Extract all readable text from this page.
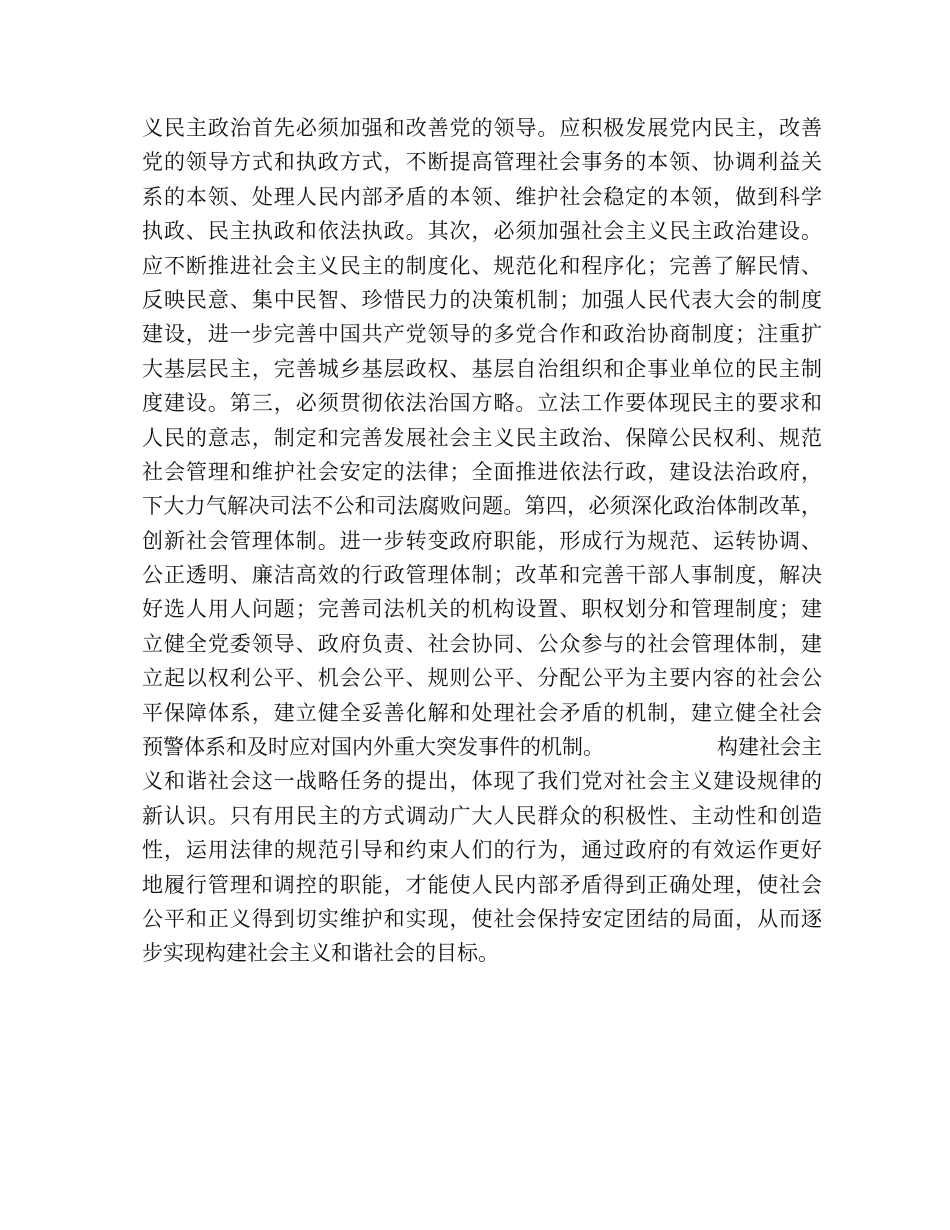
义民主政治首先必须加强和改善党的领导。应积极发展党内民主，改善
党的领导方式和执政方式，不断提高管理社会事务的本领、协调利益关
系的本领、处理人民内部矛盾的本领、维护社会稳定的本领，做到科学
执政、民主执政和依法执政。其次，必须加强社会主义民主政治建设。
应不断推进社会主义民主的制度化、规范化和程序化；完善了解民情、
反映民意、集中民智、珍惜民力的决策机制；加强人民代表大会的制度
建设，进一步完善中国共产党领导的多党合作和政治协商制度；注重扩
大基层民主，完善城乡基层政权、基层自治组织和企事业单位的民主制
度建设。第三，必须贯彻依法治国方略。立法工作要体现民主的要求和
人民的意志，制定和完善发展社会主义民主政治、保障公民权利、规范
社会管理和维护社会安定的法律；全面推进依法行政，建设法治政府，
下大力气解决司法不公和司法腐败问题。第四，必须深化政治体制改革，
创新社会管理体制。进一步转变政府职能，形成行为规范、运转协调、
公正透明、廉洁高效的行政管理体制；改革和完善干部人事制度，解决
好选人用人问题；完善司法机关的机构设置、职权划分和管理制度；建
立健全党委领导、政府负责、社会协同、公众参与的社会管理体制，建
立起以权利公平、机会公平、规则公平、分配公平为主要内容的社会公
平保障体系，建立健全妥善化解和处理社会矛盾的机制，建立健全社会
预警体系和及时应对国内外重大突发事件的机制。	构建社会主
义和谐社会这一战略任务的提出，体现了我们党对社会主义建设规律的
新认识。只有用民主的方式调动广大人民群众的积极性、主动性和创造
性，运用法律的规范引导和约束人们的行为，通过政府的有效运作更好
地履行管理和调控的职能，才能使人民内部矛盾得到正确处理，使社会
公平和正义得到切实维护和实现，使社会保持安定团结的局面，从而逐
步实现构建社会主义和谐社会的目标。
